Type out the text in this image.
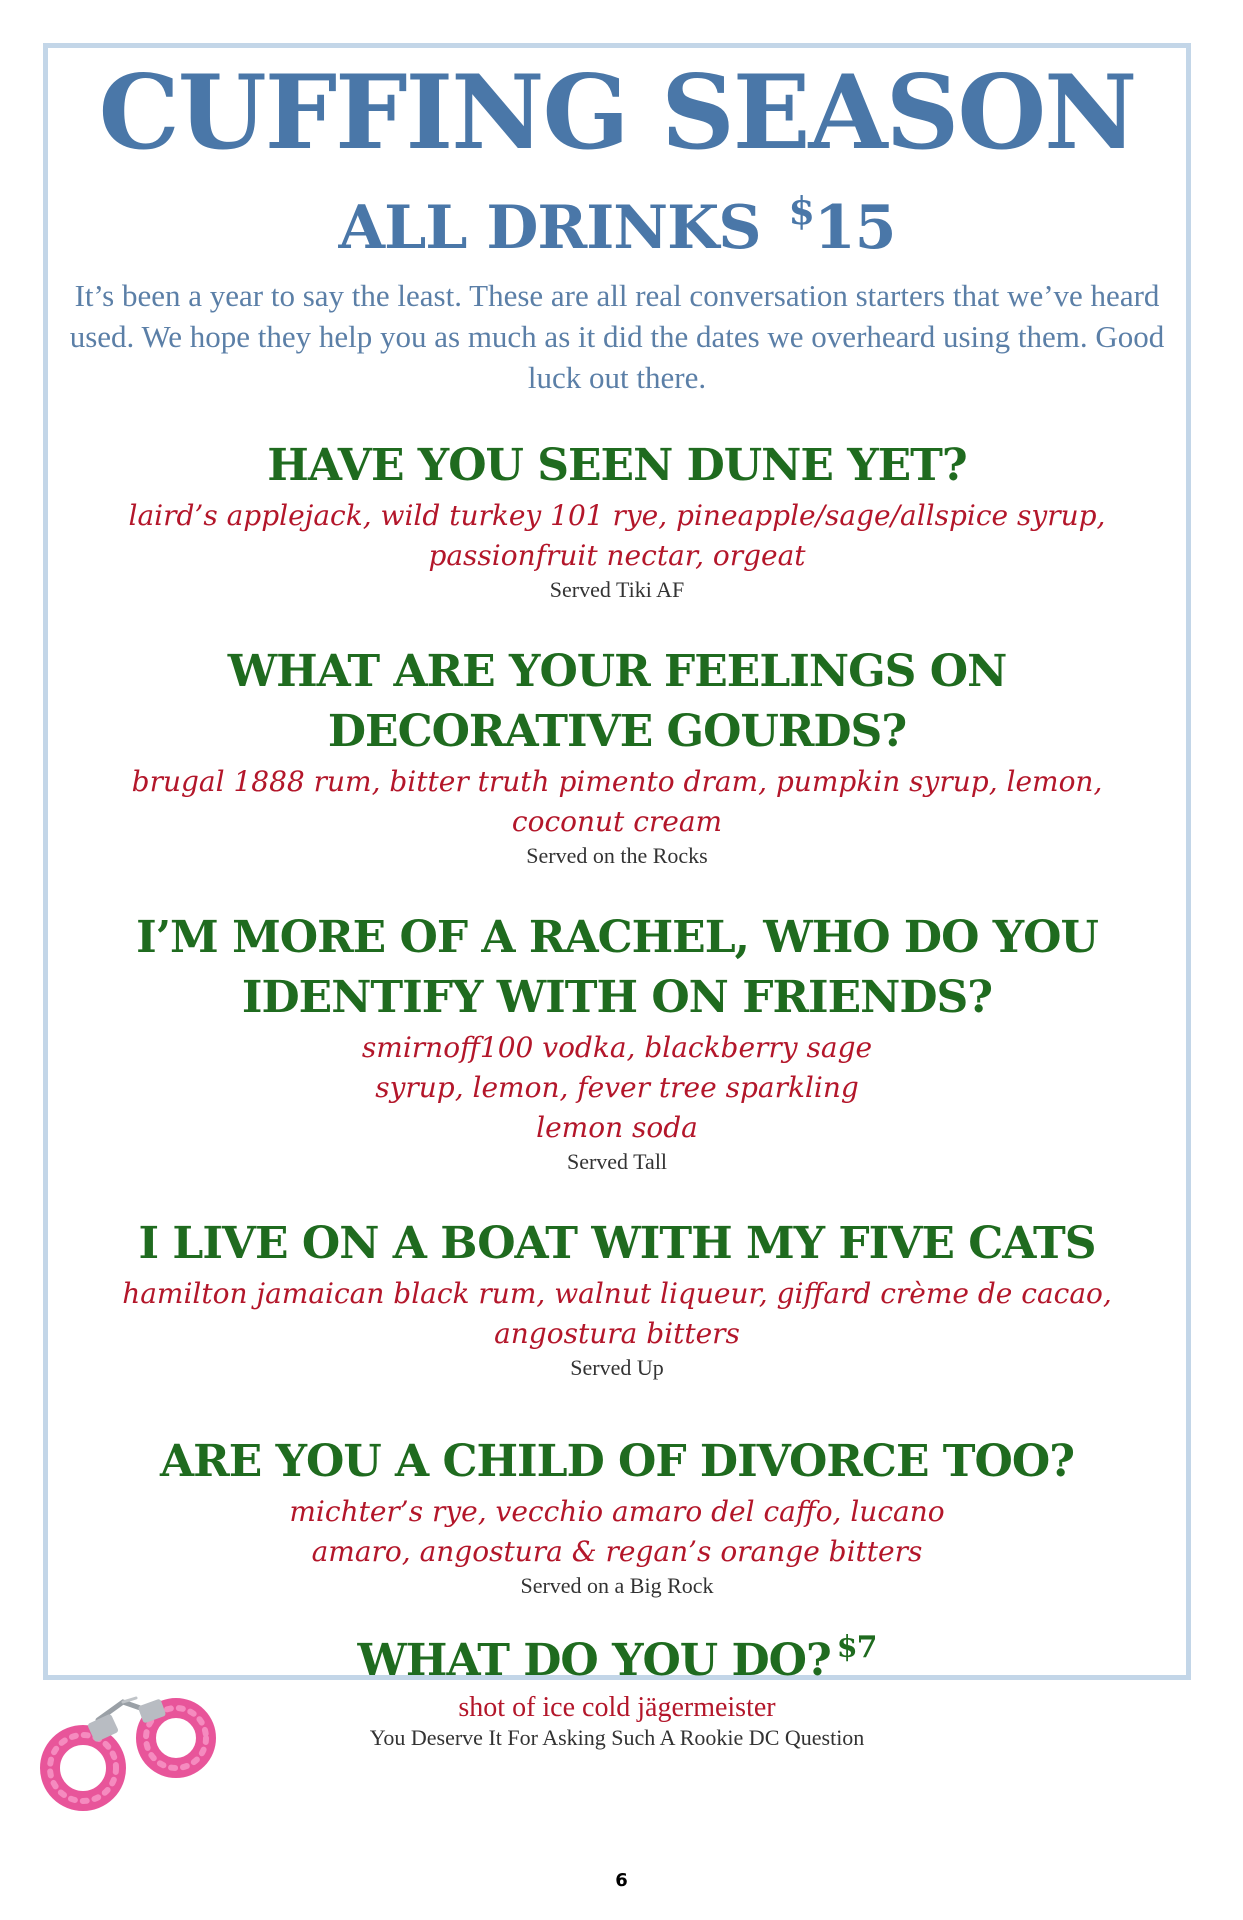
CUFFING SEASON
ALL DRINKS $15
It’s been a year to say the least. These are all real conversation starters that we’ve heard used. We hope they help you as much as it did the dates we overheard using them. Good luck out there.
HAVE YOU SEEN DUNE YET?
laird’s applejack, wild turkey 101 rye, pineapple/sage/allspice syrup, passionfruit nectar, orgeat
Served Tiki AF
WHAT ARE YOUR FEELINGS ON DECORATIVE GOURDS?
brugal 1888 rum, bitter truth pimento dram, pumpkin syrup, lemon, coconut cream
Served on the Rocks
I’M MORE OF A RACHEL, WHO DO YOU IDENTIFY WITH ON FRIENDS?
smirnoff100 vodka, blackberry sage syrup, lemon, fever tree sparkling lemon soda
Served Tall
I LIVE ON A BOAT WITH MY FIVE CATS
hamilton jamaican black rum, walnut liqueur, giffard crème de cacao, angostura bitters
Served Up
ARE YOU A CHILD OF DIVORCE TOO?
michter’s rye, vecchio amaro del caffo, lucano amaro, angostura & regan’s orange bitters
Served on a Big Rock
WHAT DO YOU DO? $^{\$7}$
shot of ice cold jägermeister
You Deserve It For Asking Such A Rookie DC Question
6
